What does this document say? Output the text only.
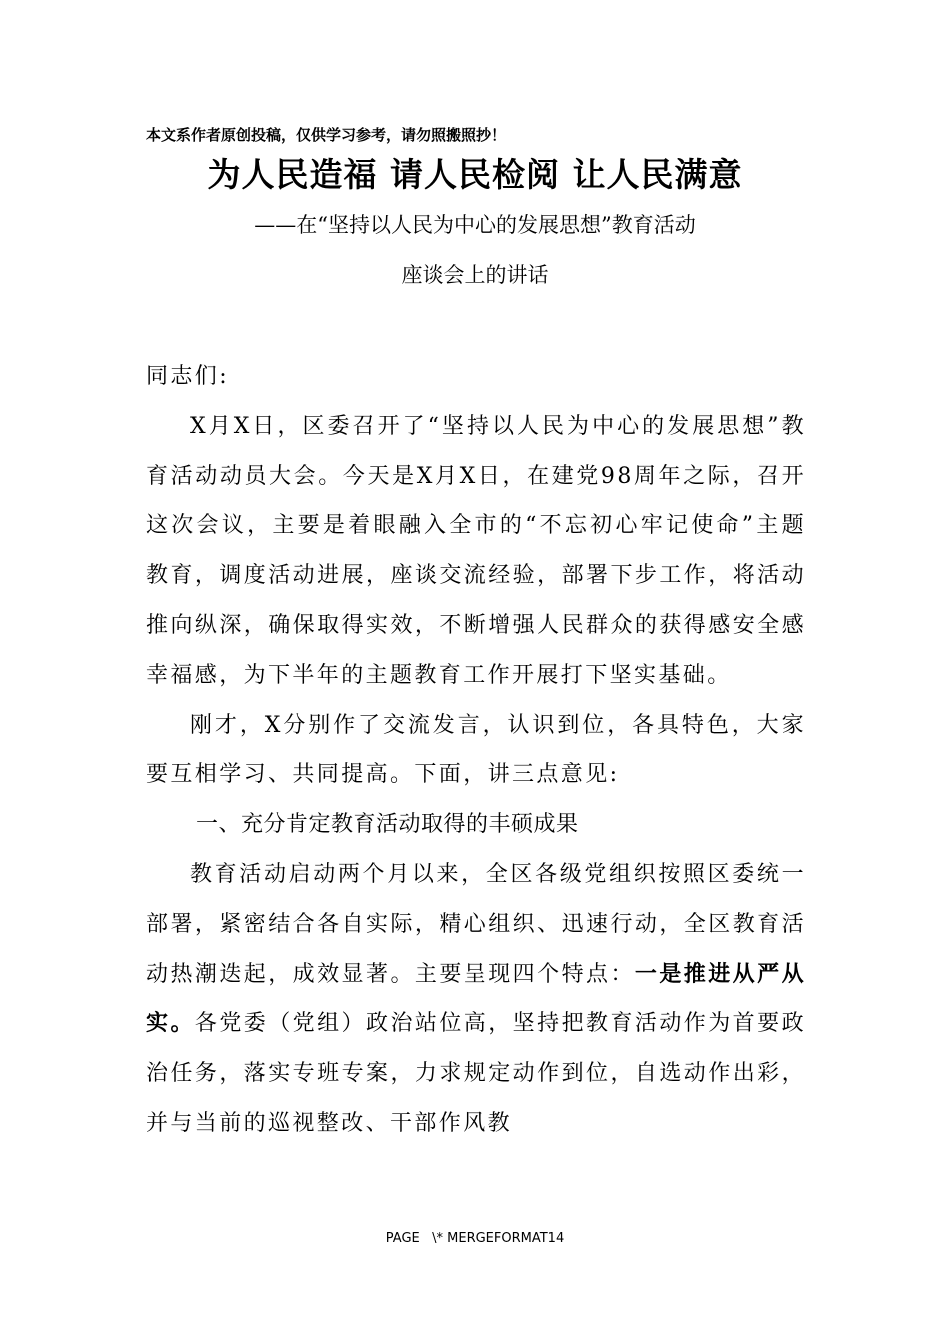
本文系作者原创投稿，仅供学习参考，请勿照搬照抄！
为人民造福 请人民检阅 让人民满意
——在“坚持以人民为中心的发展思想”教育活动
座谈会上的讲话

同志们:

X月X日，区委召开了“坚持以人民为中心的发展思想”教育活动动员大会。今天是X月X日，在建党98周年之际，召开这次会议，主要是着眼融入全市的“不忘初心牢记使命”主题教育，调度活动进展，座谈交流经验，部署下步工作，将活动推向纵深，确保取得实效，不断增强人民群众的获得感安全感幸福感，为下半年的主题教育工作开展打下坚实基础。

刚才，X分别作了交流发言，认识到位，各具特色，大家要互相学习、共同提高。下面，讲三点意见:

一、充分肯定教育活动取得的丰硕成果

教育活动启动两个月以来，全区各级党组织按照区委统一部署，紧密结合各自实际，精心组织、迅速行动，全区教育活动热潮迭起，成效显著。主要呈现四个特点：一是推进从严从实。各党委（党组）政治站位高，坚持把教育活动作为首要政治任务，落实专班专案，力求规定动作到位，自选动作出彩，并与当前的巡视整改、干部作风教

PAGE   \* MERGEFORMAT14
